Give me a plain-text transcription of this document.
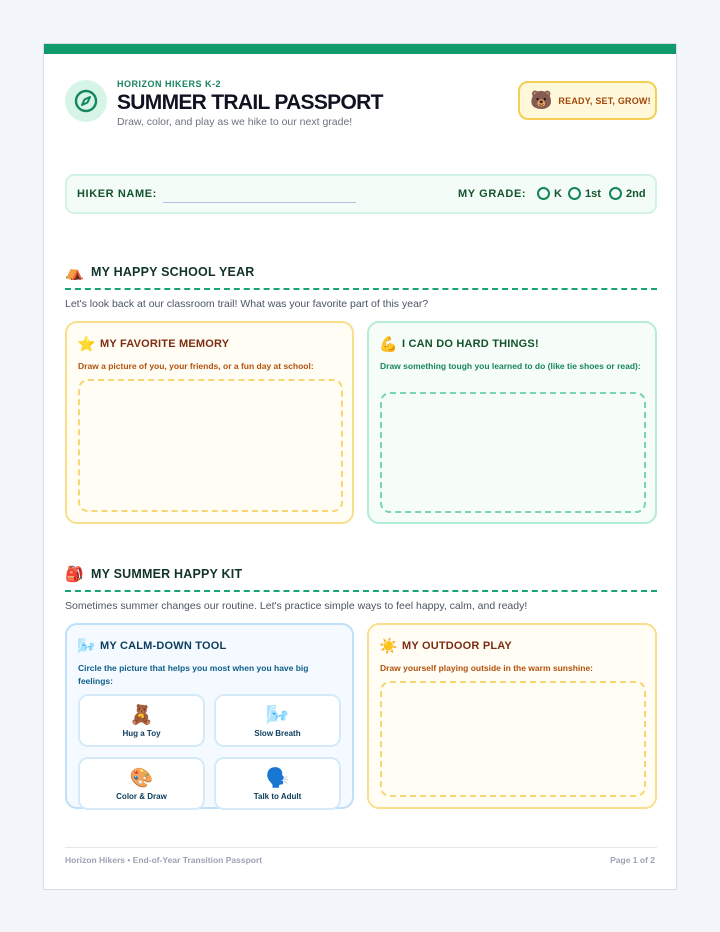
HORIZON HIKERS K-2
SUMMER TRAIL PASSPORT
Draw, color, and play as we hike to our next grade!
🐻 READY, SET, GROW!
HIKER NAME:	MY GRADE:	K 1st 2nd
⛺ MY HAPPY SCHOOL YEAR
Let's look back at our classroom trail! What was your favorite part of this year?
⭐ MY FAVORITE MEMORY
Draw a picture of you, your friends, or a fun day at school:
💪 I CAN DO HARD THINGS!
Draw something tough you learned to do (like tie shoes or read):
🎒 MY SUMMER HAPPY KIT
Sometimes summer changes our routine. Let's practice simple ways to feel happy, calm, and ready!
🌬️ MY CALM-DOWN TOOL
Circle the picture that helps you most when you have big feelings:
🧸
Hug a Toy
🌬️
Slow Breath
🎨
Color & Draw
🗣️
Talk to Adult
☀️ MY OUTDOOR PLAY
Draw yourself playing outside in the warm sunshine:
Horizon Hikers • End-of-Year Transition Passport	Page 1 of 2
